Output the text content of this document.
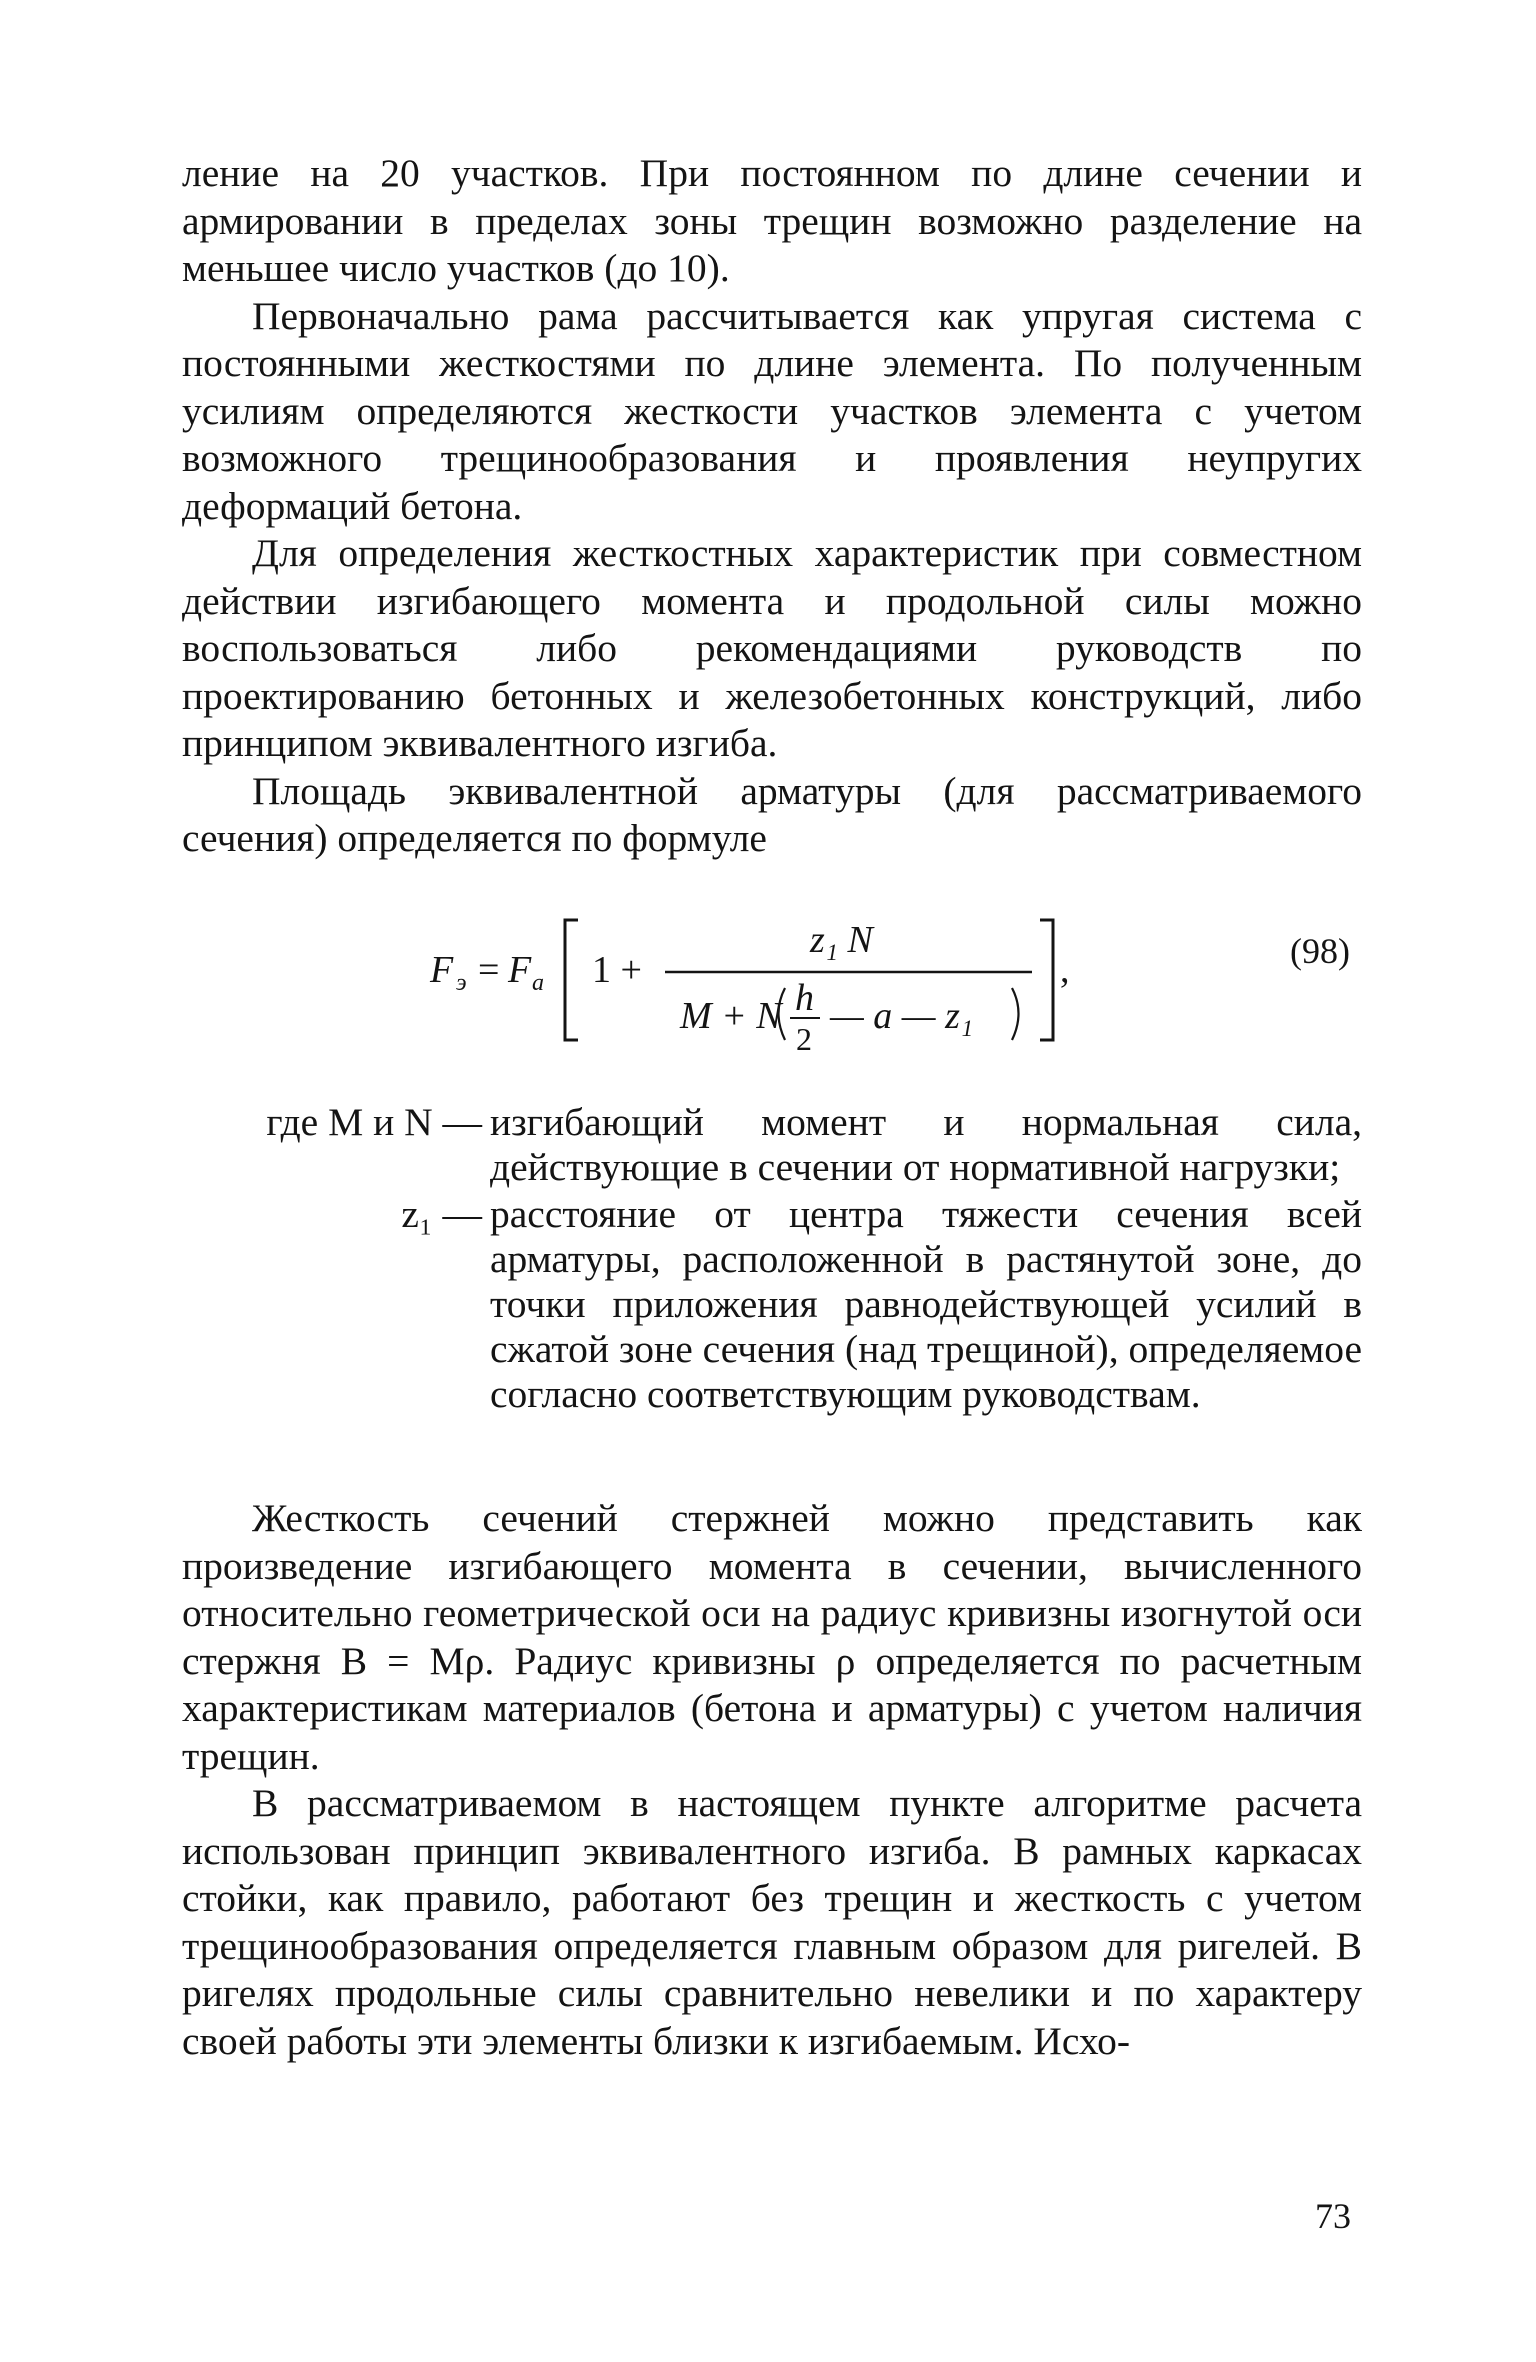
ление на 20 участков. При постоянном по длине сечении и армировании в пределах зоны трещин возможно разделение на меньшее число участков (до 10).

Первоначально рама рассчитывается как упругая система с постоянными жесткостями по длине элемента. По полученным усилиям определяются жесткости участков элемента с учетом возможного трещинообразования и проявления неупругих деформаций бетона.

Для определения жесткостных характеристик при совместном действии изгибающего момента и продольной силы можно воспользоваться либо рекомендациями руководств по проектированию бетонных и железобетонных конструкций, либо принципом эквивалентного изгиба.

Площадь эквивалентной арматуры (для рассматриваемого сечения) определяется по формуле

F э = F а 1 +
z₁ N
M + N h
2
— a — z₁
,	(98)
где M и N — изгибающий момент и нормальная сила, действующие в сечении от нормативной нагрузки;
z₁ — расстояние от центра тяжести сечения всей арматуры, расположенной в растянутой зоне, до точки приложения равнодействующей усилий в сжатой зоне сечения (над трещиной), определяемое согласно соответствующим руководствам.

Жесткость сечений стержней можно представить как произведение изгибающего момента в сечении, вычисленного относительно геометрической оси на радиус кривизны изогнутой оси стержня B = Mρ. Радиус кривизны ρ определяется по расчетным характеристикам материалов (бетона и арматуры) с учетом наличия трещин.

В рассматриваемом в настоящем пункте алгоритме расчета использован принцип эквивалентного изгиба. В рамных каркасах стойки, как правило, работают без трещин и жесткость с учетом трещинообразования определяется главным образом для ригелей. В ригелях продольные силы сравнительно невелики и по характеру своей работы эти элементы близки к изгибаемым. Исхо-

73
